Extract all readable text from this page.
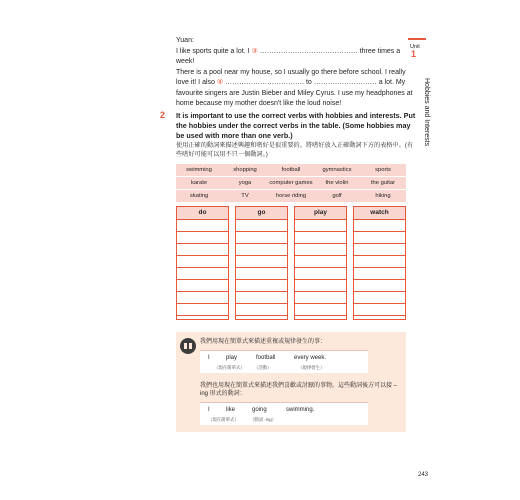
Yuan:
I like sports quite a lot. I ③ …………………………………… three times a week!
There is a pool near my house, so I usually go there before school. I really
love it! I also ④ ……………………………. to ……………………… a lot. My
favourite singers are Justin Bieber and Miley Cyrus. I use my headphones at
home because my mother doesn't like the loud noise!
Unit
1
Hobbies and Interests
2 It is important to use the correct verbs with hobbies and interests. Put the hobbies under the correct verbs in the table. (Some hobbies may be used with more than one verb.)
使用正確的動詞來描述興趣和嗜好是很重要的。將嗜好放入正確動詞下方的表格中。(有些嗜好可能可以用不只一個動詞。)
swimming	shopping	football	gymnastics	sports
karate	yoga	computer games	the violin	the guitar
skating	TV	horse riding	golf	hiking
do	go	play	watch
我們用現在簡單式來描述重複或規律發生的事：
I	play	football	every week.
（現在簡單式） （活動）	（規律發生）
我們也用現在簡單式來描述我們喜歡或討厭的事物。這些動詞後方可以接 –ing 形式的動詞：
I	like	going	swimming.
（現在簡單式）	（動詞 -ing）
243
